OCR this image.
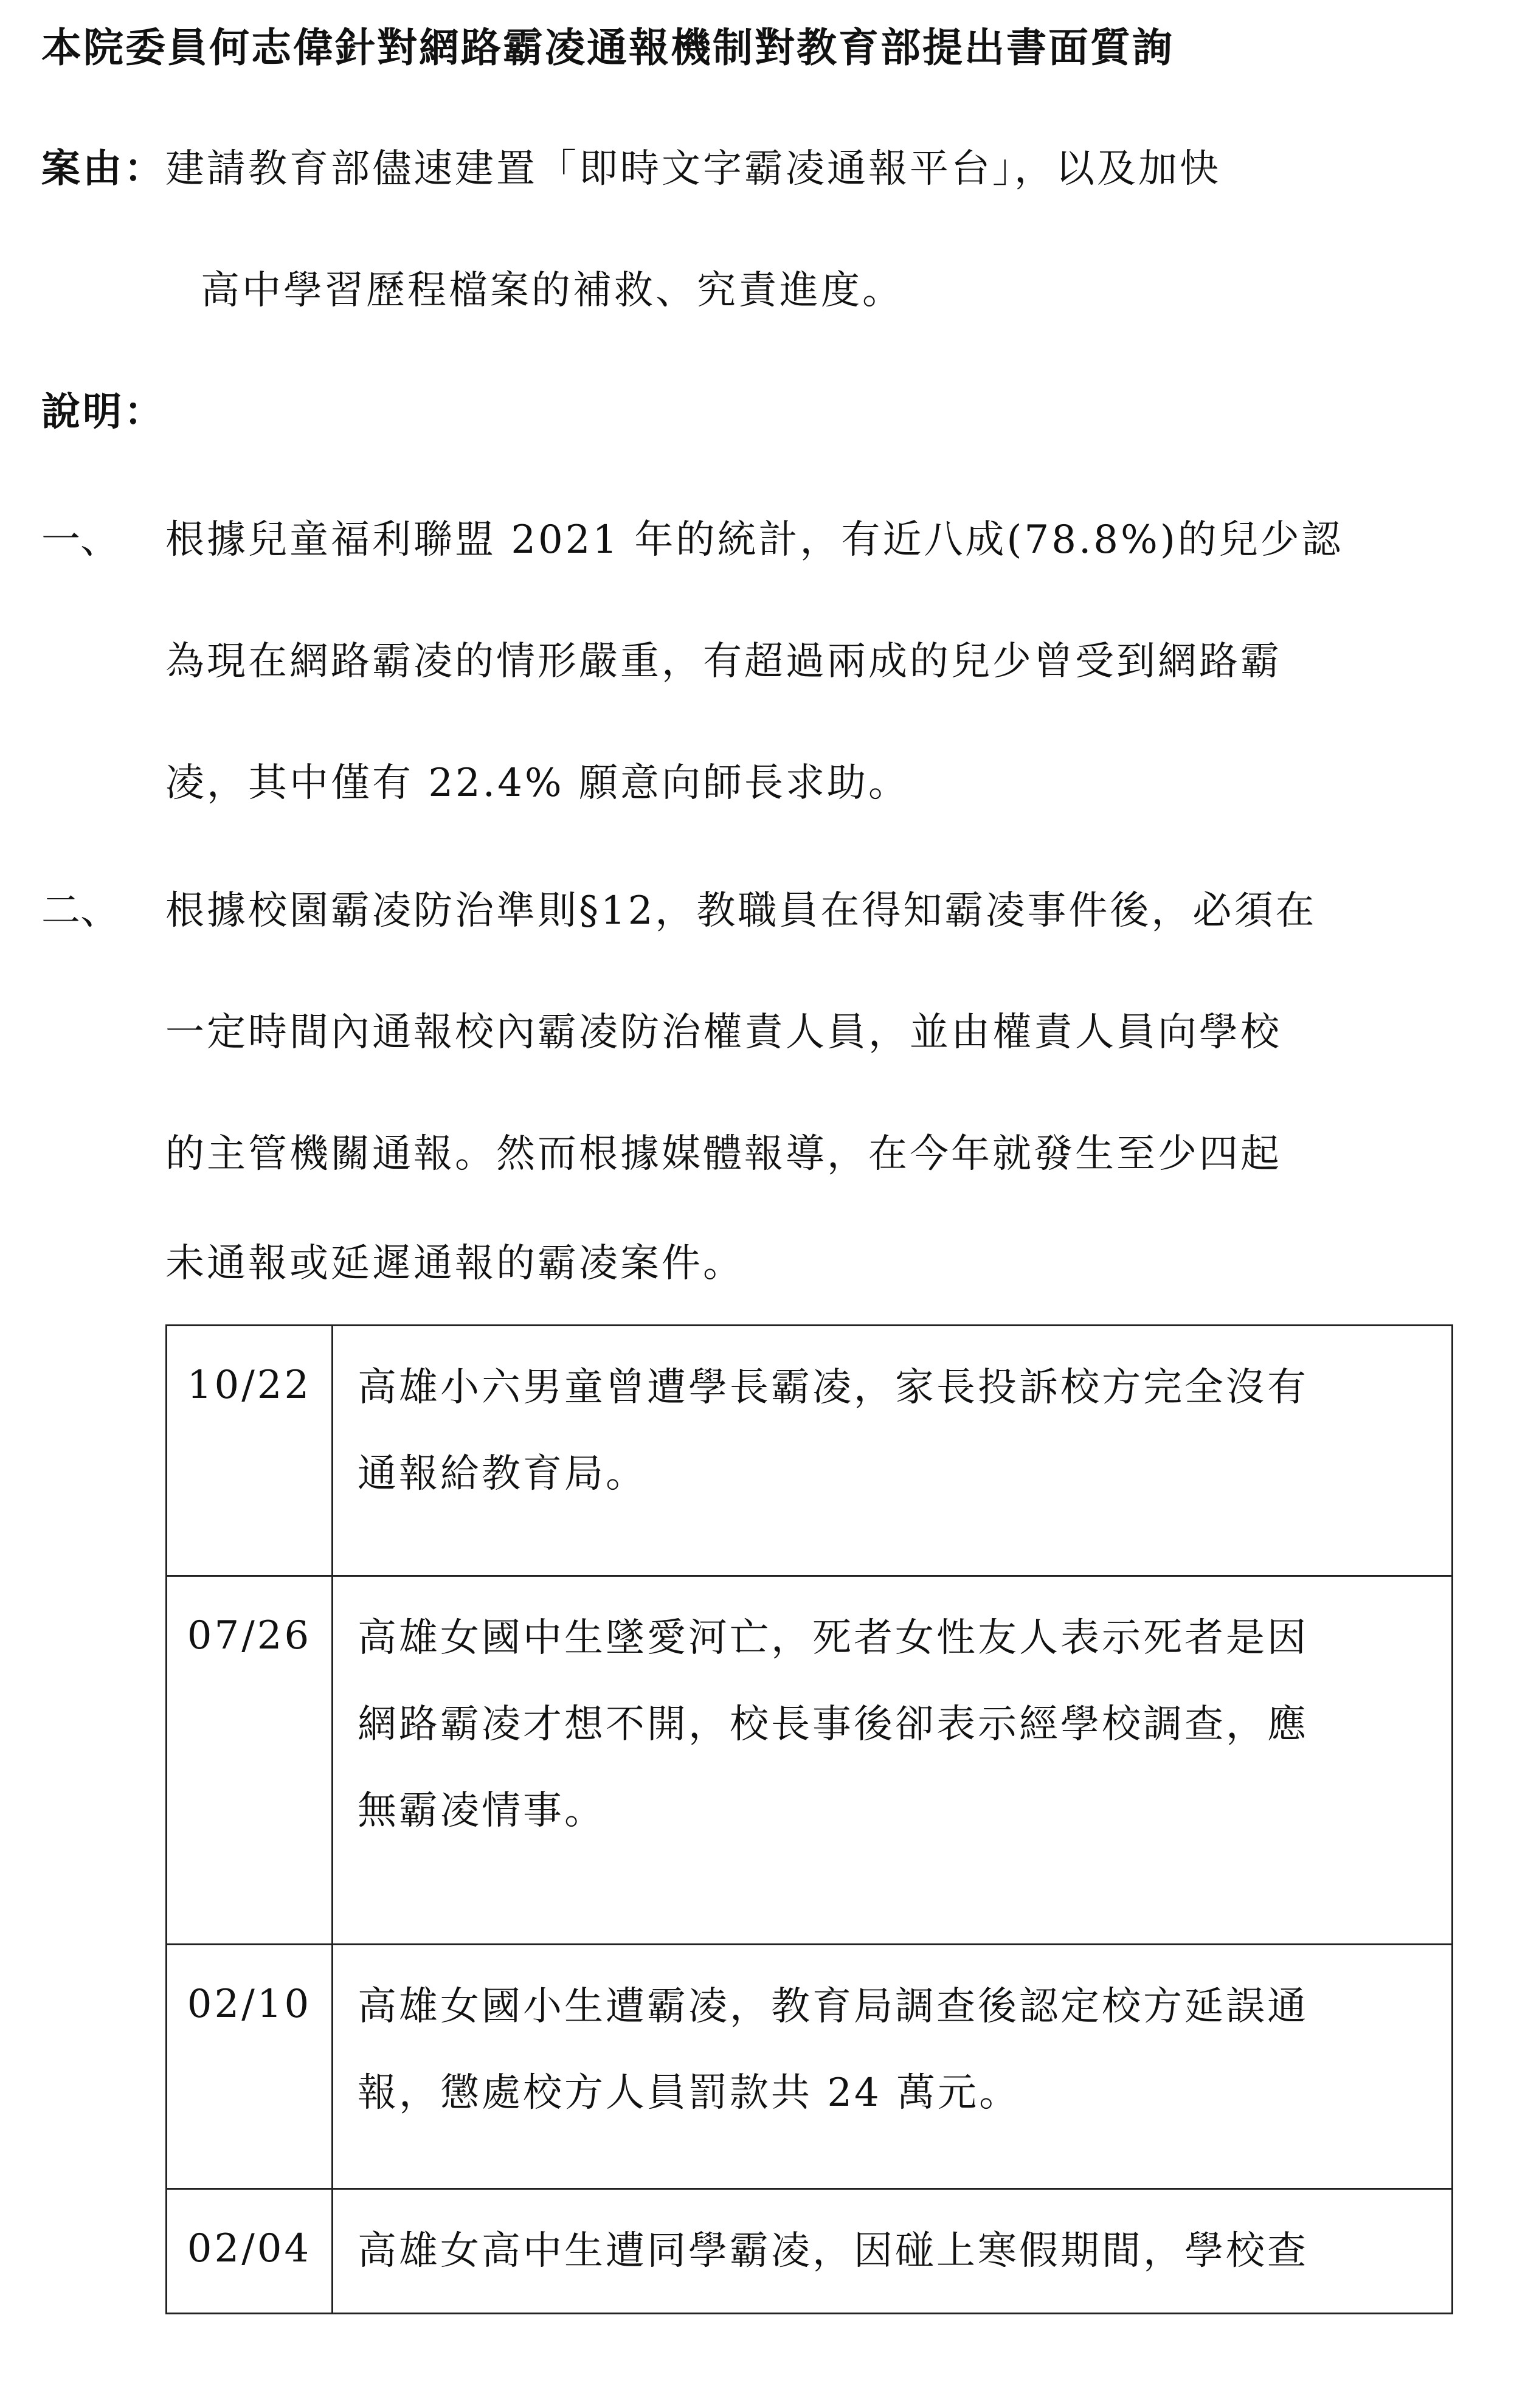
本院委員何志偉針對網路霸凌通報機制對教育部提出書面質詢
案由：建請教育部儘速建置「即時文字霸凌通報平台」，以及加快
高中學習歷程檔案的補救、究責進度。
說明：
一、 根據兒童福利聯盟 2021 年的統計，有近八成(78.8%)的兒少認
為現在網路霸凌的情形嚴重，有超過兩成的兒少曾受到網路霸
凌，其中僅有 22.4% 願意向師長求助。
二、 根據校園霸凌防治準則§12，教職員在得知霸凌事件後，必須在
一定時間內通報校內霸凌防治權責人員，並由權責人員向學校
的主管機關通報。然而根據媒體報導，在今年就發生至少四起
未通報或延遲通報的霸凌案件。
10/22	高雄小六男童曾遭學長霸凌，家長投訴校方完全沒有
通報給教育局。

07/26	高雄女國中生墜愛河亡，死者女性友人表示死者是因
網路霸凌才想不開，校長事後卻表示經學校調查，應
無霸凌情事。

02/10	高雄女國小生遭霸凌，教育局調查後認定校方延誤通
報，懲處校方人員罰款共 24 萬元。

02/04	高雄女高中生遭同學霸凌，因碰上寒假期間，學校查
